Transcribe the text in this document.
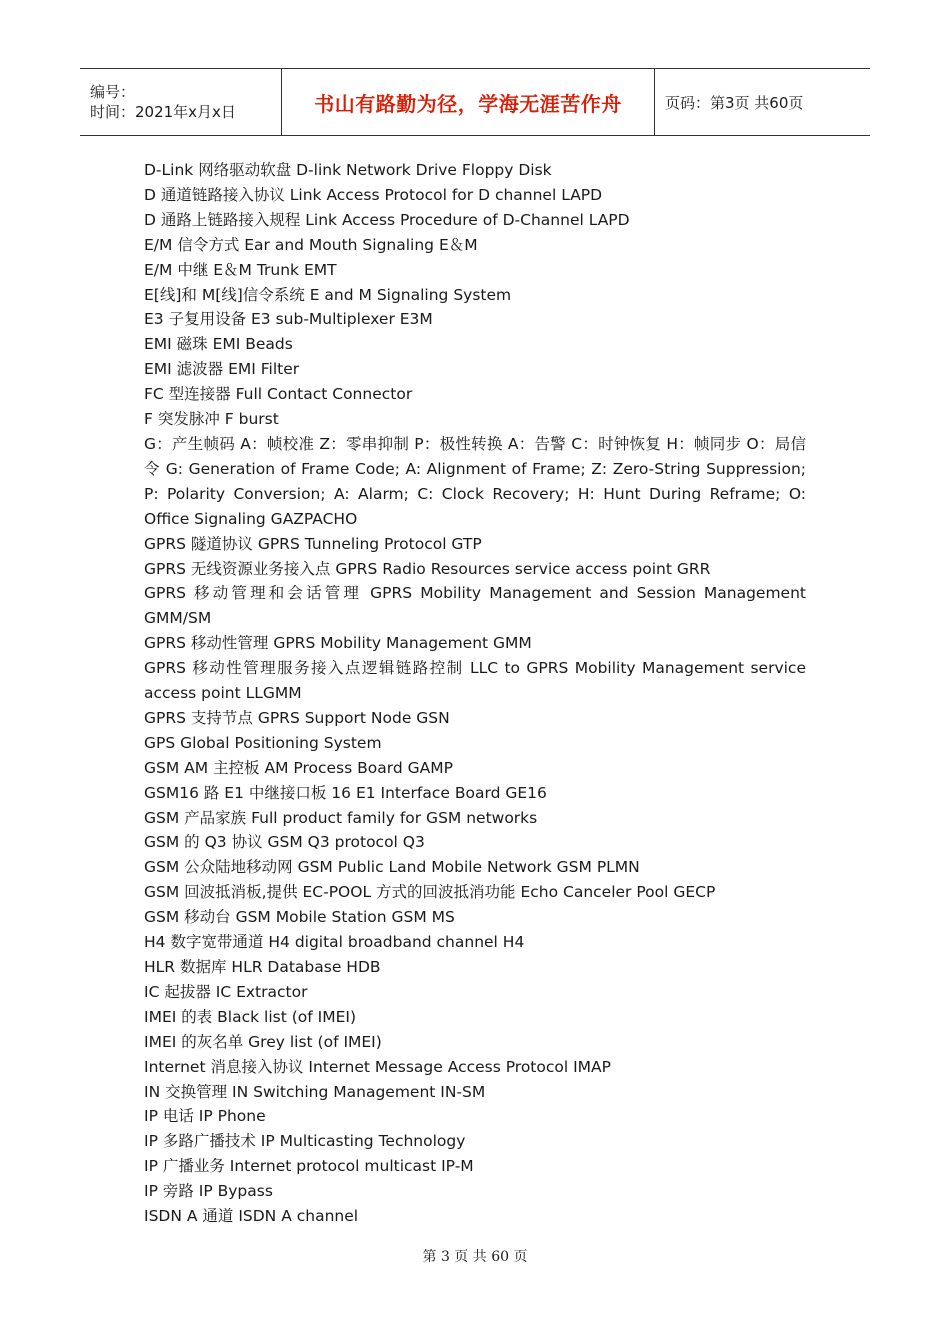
编号：
时间：2021年x月x日	书山有路勤为径，学海无涯苦作舟	页码：第3页 共60页

D-Link 网络驱动软盘 D-link Network Drive Floppy Disk

D 通道链路接入协议 Link Access Protocol for D channel LAPD

D 通路上链路接入规程 Link Access Procedure of D-Channel LAPD

E/M 信令方式 Ear and Mouth Signaling E＆M

E/M 中继 E＆M Trunk EMT

E[线]和 M[线]信令系统 E and M Signaling System

E3 子复用设备 E3 sub-Multiplexer E3M

EMI 磁珠 EMI Beads

EMI 滤波器 EMI Filter

FC 型连接器 Full Contact Connector

F 突发脉冲 F burst

G：产生帧码 A：帧校准 Z：零串抑制 P：极性转换 A：告警 C：时钟恢复 H：帧同步 O：局信令 G: Generation of Frame Code; A: Alignment of Frame; Z: Zero-String Suppression; P: Polarity Conversion; A: Alarm; C: Clock Recovery; H: Hunt During Reframe; O: Office Signaling GAZPACHO

GPRS 隧道协议 GPRS Tunneling Protocol GTP

GPRS 无线资源业务接入点 GPRS Radio Resources service access point GRR

GPRS 移动管理和会话管理 GPRS Mobility Management and Session Management GMM/SM

GPRS 移动性管理 GPRS Mobility Management GMM

GPRS 移动性管理服务接入点逻辑链路控制 LLC to GPRS Mobility Management service access point LLGMM

GPRS 支持节点 GPRS Support Node GSN

GPS Global Positioning System

GSM AM 主控板 AM Process Board GAMP

GSM16 路 E1 中继接口板 16 E1 Interface Board GE16

GSM 产品家族 Full product family for GSM networks

GSM 的 Q3 协议 GSM Q3 protocol Q3

GSM 公众陆地移动网 GSM Public Land Mobile Network GSM PLMN

GSM 回波抵消板,提供 EC-POOL 方式的回波抵消功能 Echo Canceler Pool GECP

GSM 移动台 GSM Mobile Station GSM MS

H4 数字宽带通道 H4 digital broadband channel H4

HLR 数据库 HLR Database HDB

IC 起拔器 IC Extractor

IMEI 的表 Black list (of IMEI)

IMEI 的灰名单 Grey list (of IMEI)

Internet 消息接入协议 Internet Message Access Protocol IMAP

IN 交换管理 IN Switching Management IN-SM

IP 电话 IP Phone

IP 多路广播技术 IP Multicasting Technology

IP 广播业务 Internet protocol multicast IP-M

IP 旁路 IP Bypass

ISDN A 通道 ISDN A channel

第 3 页 共 60 页
